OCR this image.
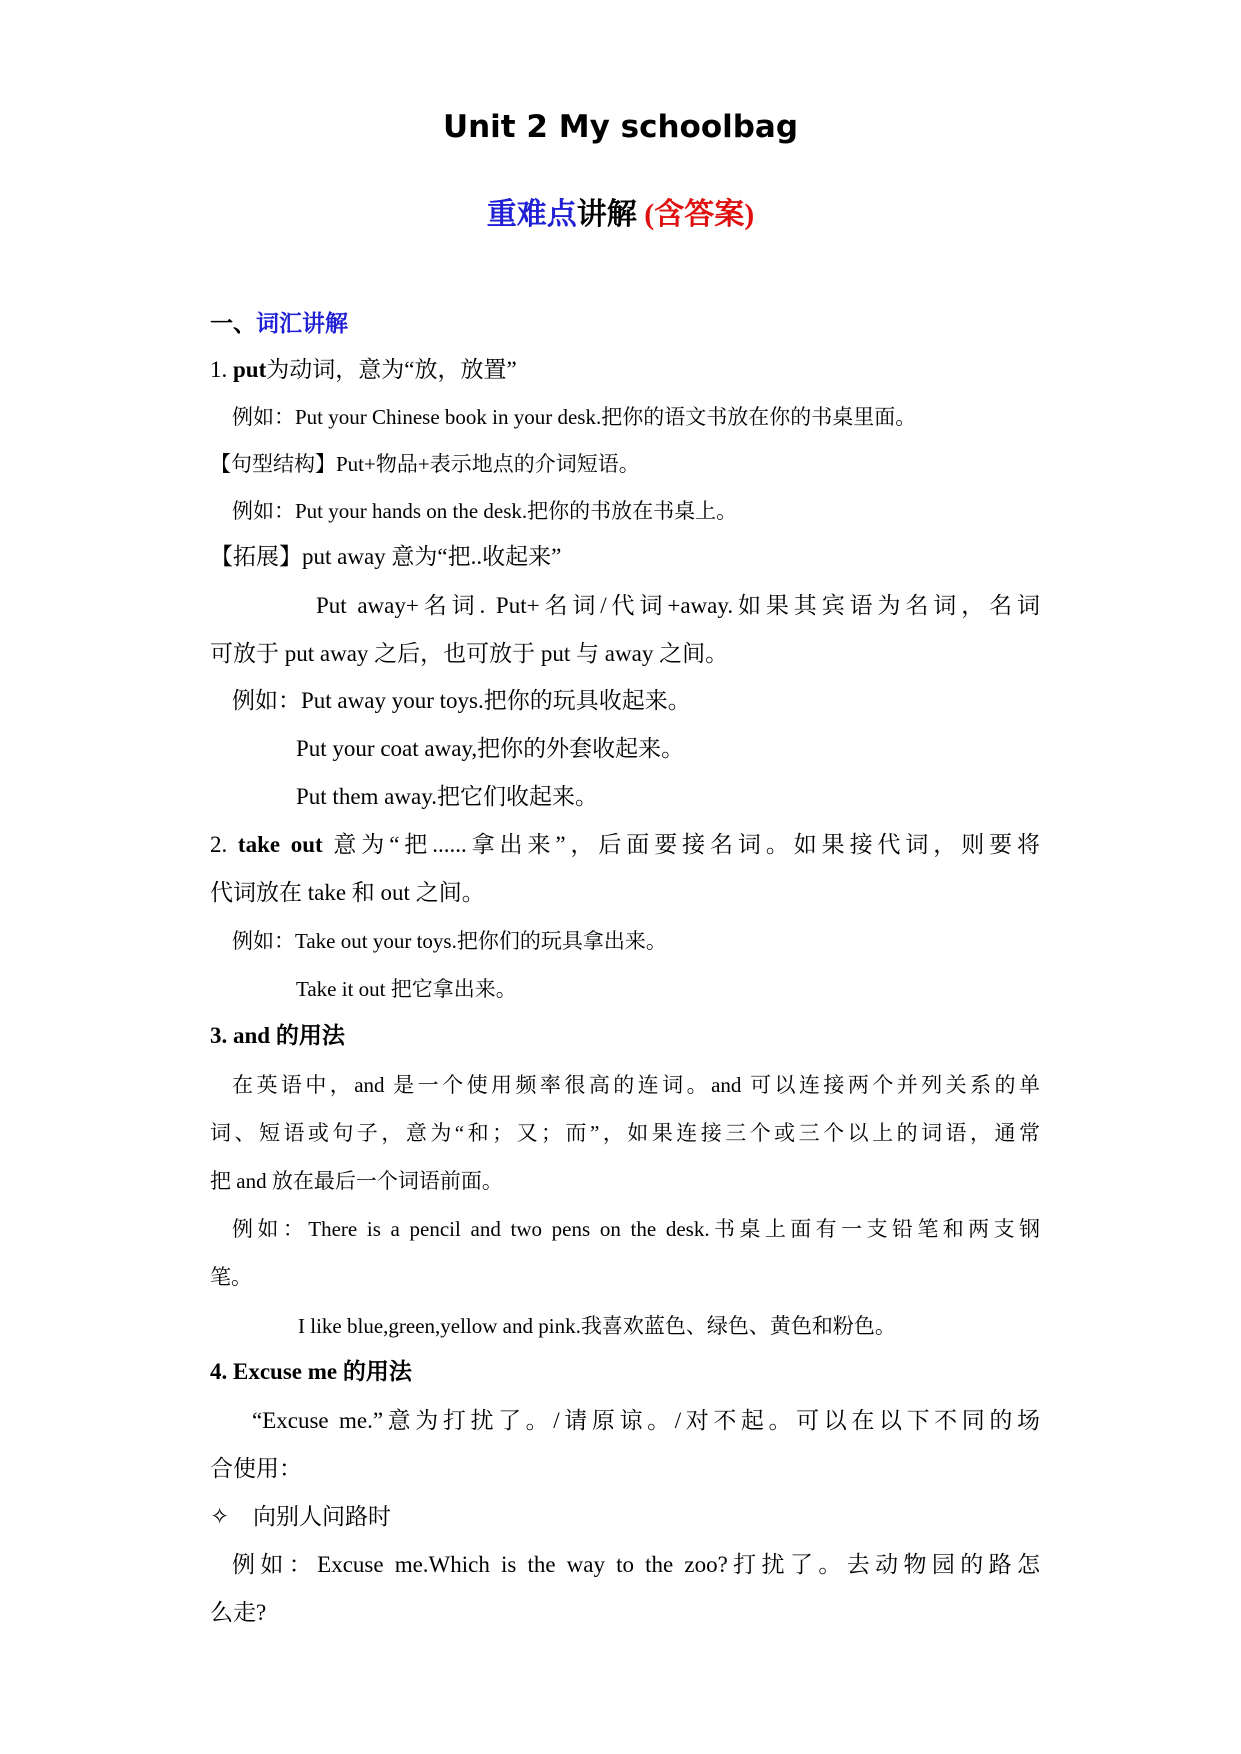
Unit 2 My schoolbag
重难点讲解 (含答案)
一、词汇讲解
1. put为动词，意为“放，放置”
例如：Put your Chinese book in your desk.把你的语文书放在你的书桌里面。
【句型结构】Put+物品+表示地点的介词短语。
例如：Put your hands on the desk.把你的书放在书桌上。
【拓展】put away 意为“把..收起来”
Put away+名词. Put+名词/代词+away.如果其宾语为名词，名词
可放于 put away 之后，也可放于 put 与 away 之间。
例如：Put away your toys.把你的玩具收起来。
Put your coat away,把你的外套收起来。
Put them away.把它们收起来。
2. take out 意为“把......拿出来”，后面要接名词。如果接代词，则要将
代词放在 take 和 out 之间。
例如：Take out your toys.把你们的玩具拿出来。
Take it out 把它拿出来。
3. and 的用法
在英语中，and 是一个使用频率很高的连词。and 可以连接两个并列关系的单
词、短语或句子，意为“和；又；而”，如果连接三个或三个以上的词语，通常
把 and 放在最后一个词语前面。
例如：There is a pencil and two pens on the desk.书桌上面有一支铅笔和两支钢
笔。
I like blue,green,yellow and pink.我喜欢蓝色、绿色、黄色和粉色。
4. Excuse me 的用法
“Excuse me.”意为打扰了。/请原谅。/对不起。可以在以下不同的场
合使用：
✧ 向别人问路时
例如：Excuse me.Which is the way to the zoo?打扰了。去动物园的路怎
么走?
